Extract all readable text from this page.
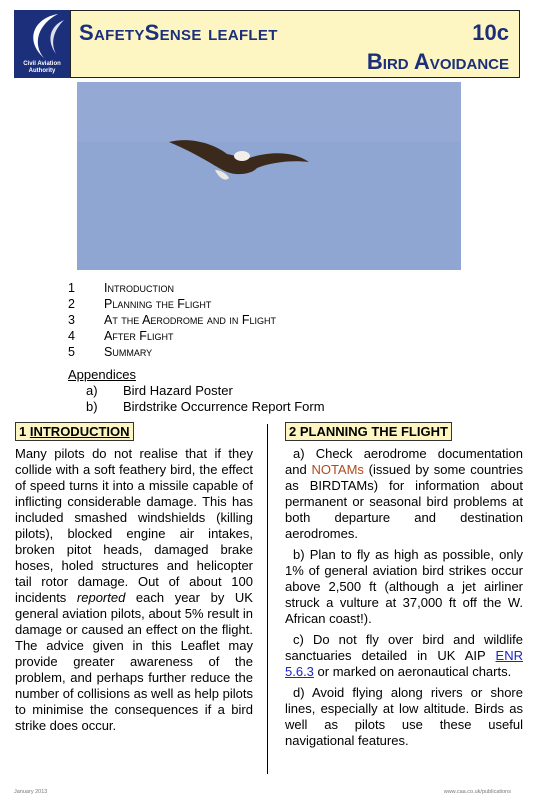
Civil Aviation Authority
SafetySense leaflet	10c
Bird Avoidance
1	Introduction
2	Planning the Flight
3	At the Aerodrome and in Flight
4	After Flight
5	Summary
Appendices
a)	Bird Hazard Poster
b)	Birdstrike Occurrence Report Form
1 INTRODUCTION
Many pilots do not realise that if they collide with a soft feathery bird, the effect of speed turns it into a missile capable of inflicting considerable damage. This has included smashed windshields (killing pilots), blocked engine air intakes, broken pitot heads, damaged brake hoses, holed structures and helicopter tail rotor damage. Out of about 100 incidents reported each year by UK general aviation pilots, about 5% result in damage or caused an effect on the flight. The advice given in this Leaflet may provide greater awareness of the problem, and perhaps further reduce the number of collisions as well as help pilots to minimise the consequences if a bird strike does occur.
2 PLANNING THE FLIGHT
a) Check aerodrome documentation and NOTAMs (issued by some countries as BIRDTAMs) for information about permanent or seasonal bird problems at both departure and destination aerodromes.
b) Plan to fly as high as possible, only 1% of general aviation bird strikes occur above 2,500 ft (although a jet airliner struck a vulture at 37,000 ft off the W. African coast!).
c) Do not fly over bird and wildlife sanctuaries detailed in UK AIP ENR 5.6.3 or marked on aeronautical charts.
d) Avoid flying along rivers or shore lines, especially at low altitude. Birds as well as pilots use these useful navigational features.
January 2013	www.caa.co.uk/publications
